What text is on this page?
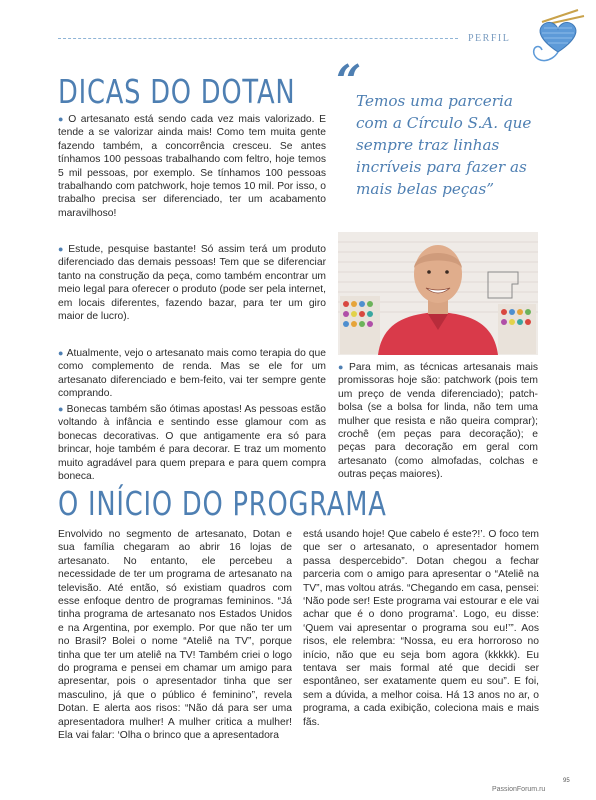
PERFIL
DICAS DO DOTAN
● O artesanato está sendo cada vez mais valorizado. E tende a se valorizar ainda mais! Como tem muita gente fazendo também, a concorrência cresceu. Se antes tínhamos 100 pessoas trabalhando com feltro, hoje temos 5 mil pessoas, por exemplo. Se tínhamos 100 pessoas trabalhando com patchwork, hoje temos 10 mil. Por isso, o trabalho precisa ser diferenciado, ter um acabamento maravilhoso!
● Estude, pesquise bastante! Só assim terá um produto diferenciado das demais pessoas! Tem que se diferenciar tanto na construção da peça, como também encontrar um meio legal para oferecer o produto (pode ser pela internet, em locais diferentes, fazendo bazar, para ter um giro maior de lucro).
● Atualmente, vejo o artesanato mais como terapia do que como complemento de renda. Mas se ele for um artesanato diferenciado e bem-feito, vai ter sempre gente comprando.
● Bonecas também são ótimas apostas! As pessoas estão voltando à infância e sentindo esse glamour com as bonecas decorativas. O que antigamente era só para brincar, hoje também é para decorar. E traz um momento muito agradável para quem prepara e para quem compra boneca.
“
Temos uma parceria com a Círculo S.A. que sempre traz linhas incríveis para fazer as mais belas peças”
● Para mim, as técnicas artesanais mais promissoras hoje são: patchwork (pois tem um preço de venda diferenciado); patch-bolsa (se a bolsa for linda, não tem uma mulher que resista e não queira comprar); crochê (em peças para decoração); e peças para decoração em geral com artesanato (como almofadas, colchas e outras peças maiores).
O INÍCIO DO PROGRAMA
Envolvido no segmento de artesanato, Dotan e sua família chegaram ao abrir 16 lojas de artesanato. No entanto, ele percebeu a necessidade de ter um programa de artesanato na televisão. Até então, só existiam quadros com esse enfoque dentro de programas femininos. “Já tinha programa de artesanato nos Estados Unidos e na Argentina, por exemplo. Por que não ter um no Brasil? Bolei o nome “Ateliê na TV”, porque tinha que ter um ateliê na TV! Também criei o logo do programa e pensei em chamar um amigo para apresentar, pois o apresentador tinha que ser masculino, já que o público é feminino”, revela Dotan. E alerta aos risos: “Não dá para ser uma apresentadora mulher! A mulher critica a mulher! Ela vai falar: ‘Olha o brinco que a apresentadora
está usando hoje! Que cabelo é este?!’. O foco tem que ser o artesanato, o apresentador homem passa despercebido”. Dotan chegou a fechar parceria com o amigo para apresentar o “Ateliê na TV”, mas voltou atrás. “Chegando em casa, pensei: ‘Não pode ser! Este programa vai estourar e ele vai achar que é o dono programa’. Logo, eu disse: ‘Quem vai apresentar o programa sou eu!’”. Aos risos, ele relembra: “Nossa, eu era horroroso no início, não que eu seja bom agora (kkkkk). Eu tentava ser mais formal até que decidi ser espontâneo, ser exatamente quem eu sou”. E foi, sem a dúvida, a melhor coisa. Há 13 anos no ar, o programa, a cada exibição, coleciona mais e mais fãs.
95
PassionForum.ru
